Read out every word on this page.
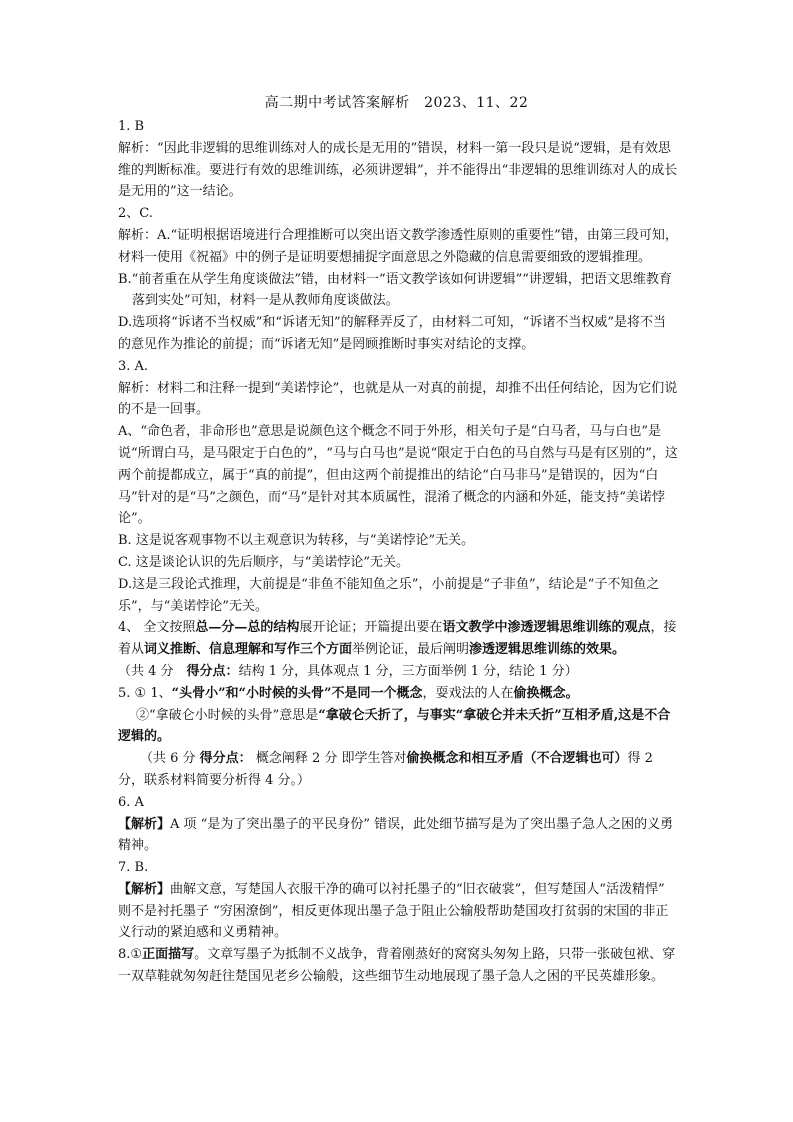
高二期中考试答案解析　2023、11、22

1. B

解析：“因此非逻辑的思维训练对人的成长是无用的”错误，材料一第一段只是说“逻辑，是有效思维的判断标准。要进行有效的思维训练，必须讲逻辑”，并不能得出“非逻辑的思维训练对人的成长是无用的”这一结论。

2、C.

解析：A.“证明根据语境进行合理推断可以突出语文教学渗透性原则的重要性”错，由第三段可知，材料一使用《祝福》中的例子是证明要想捕捉字面意思之外隐藏的信息需要细致的逻辑推理。

B.“前者重在从学生角度谈做法”错，由材料一“语文教学该如何讲逻辑”“讲逻辑，把语文思维教育落到实处”可知，材料一是从教师角度谈做法。

D.选项将“诉诸不当权威”和“诉诸无知”的解释弄反了，由材料二可知，“诉诸不当权威”是将不当的意见作为推论的前提；而“诉诸无知”是罔顾推断时事实对结论的支撑。

3. A.

解析：材料二和注释一提到“美诺悖论”，也就是从一对真的前提，却推不出任何结论，因为它们说的不是一回事。

A、“命色者，非命形也”意思是说颜色这个概念不同于外形，相关句子是“白马者，马与白也”是说“所谓白马，是马限定于白色的”，“马与白马也”是说“限定于白色的马自然与马是有区别的”，这两个前提都成立，属于“真的前提”，但由这两个前提推出的结论“白马非马”是错误的，因为“白马”针对的是“马”之颜色，而“马”是针对其本质属性，混淆了概念的内涵和外延，能支持“美诺悖论”。

B. 这是说客观事物不以主观意识为转移，与“美诺悖论”无关。

C. 这是谈论认识的先后顺序，与“美诺悖论”无关。

D.这是三段论式推理，大前提是“非鱼不能知鱼之乐”，小前提是“子非鱼”，结论是“子不知鱼之乐”，与“美诺悖论”无关。

4、 全文按照总—分—总的结构展开论证；开篇提出要在语文教学中渗透逻辑思维训练的观点，接着从词义推断、信息理解和写作三个方面举例论证，最后阐明渗透逻辑思维训练的效果。

（共 4 分　得分点：结构 1 分，具体观点 1 分，三方面举例 1 分，结论 1 分）

5. ① 1、“头骨小”和“小时候的头骨”不是同一个概念，耍戏法的人在偷换概念。

②“拿破仑小时候的头骨”意思是“拿破仑夭折了，与事实“拿破仑并未夭折”互相矛盾,这是不合逻辑的。

（共 6 分 得分点： 概念阐释 2 分 即学生答对偷换概念和相互矛盾（不合逻辑也可）得 2 分，联系材料简要分析得 4 分。）

6. A

【解析】A 项 “是为了突出墨子的平民身份” 错误，此处细节描写是为了突出墨子急人之困的义勇精神。

7. B.

【解析】曲解文意，写楚国人衣服干净的确可以衬托墨子的“旧衣破裳”，但写楚国人“活泼精悍” 则不是衬托墨子 “穷困潦倒”，相反更体现出墨子急于阻止公输般帮助楚国攻打贫弱的宋国的非正义行动的紧迫感和义勇精神。

8.①正面描写。文章写墨子为抵制不义战争，背着刚蒸好的窝窝头匆匆上路，只带一张破包袱、穿一双草鞋就匆匆赶往楚国见老乡公输般，这些细节生动地展现了墨子急人之困的平民英雄形象。
